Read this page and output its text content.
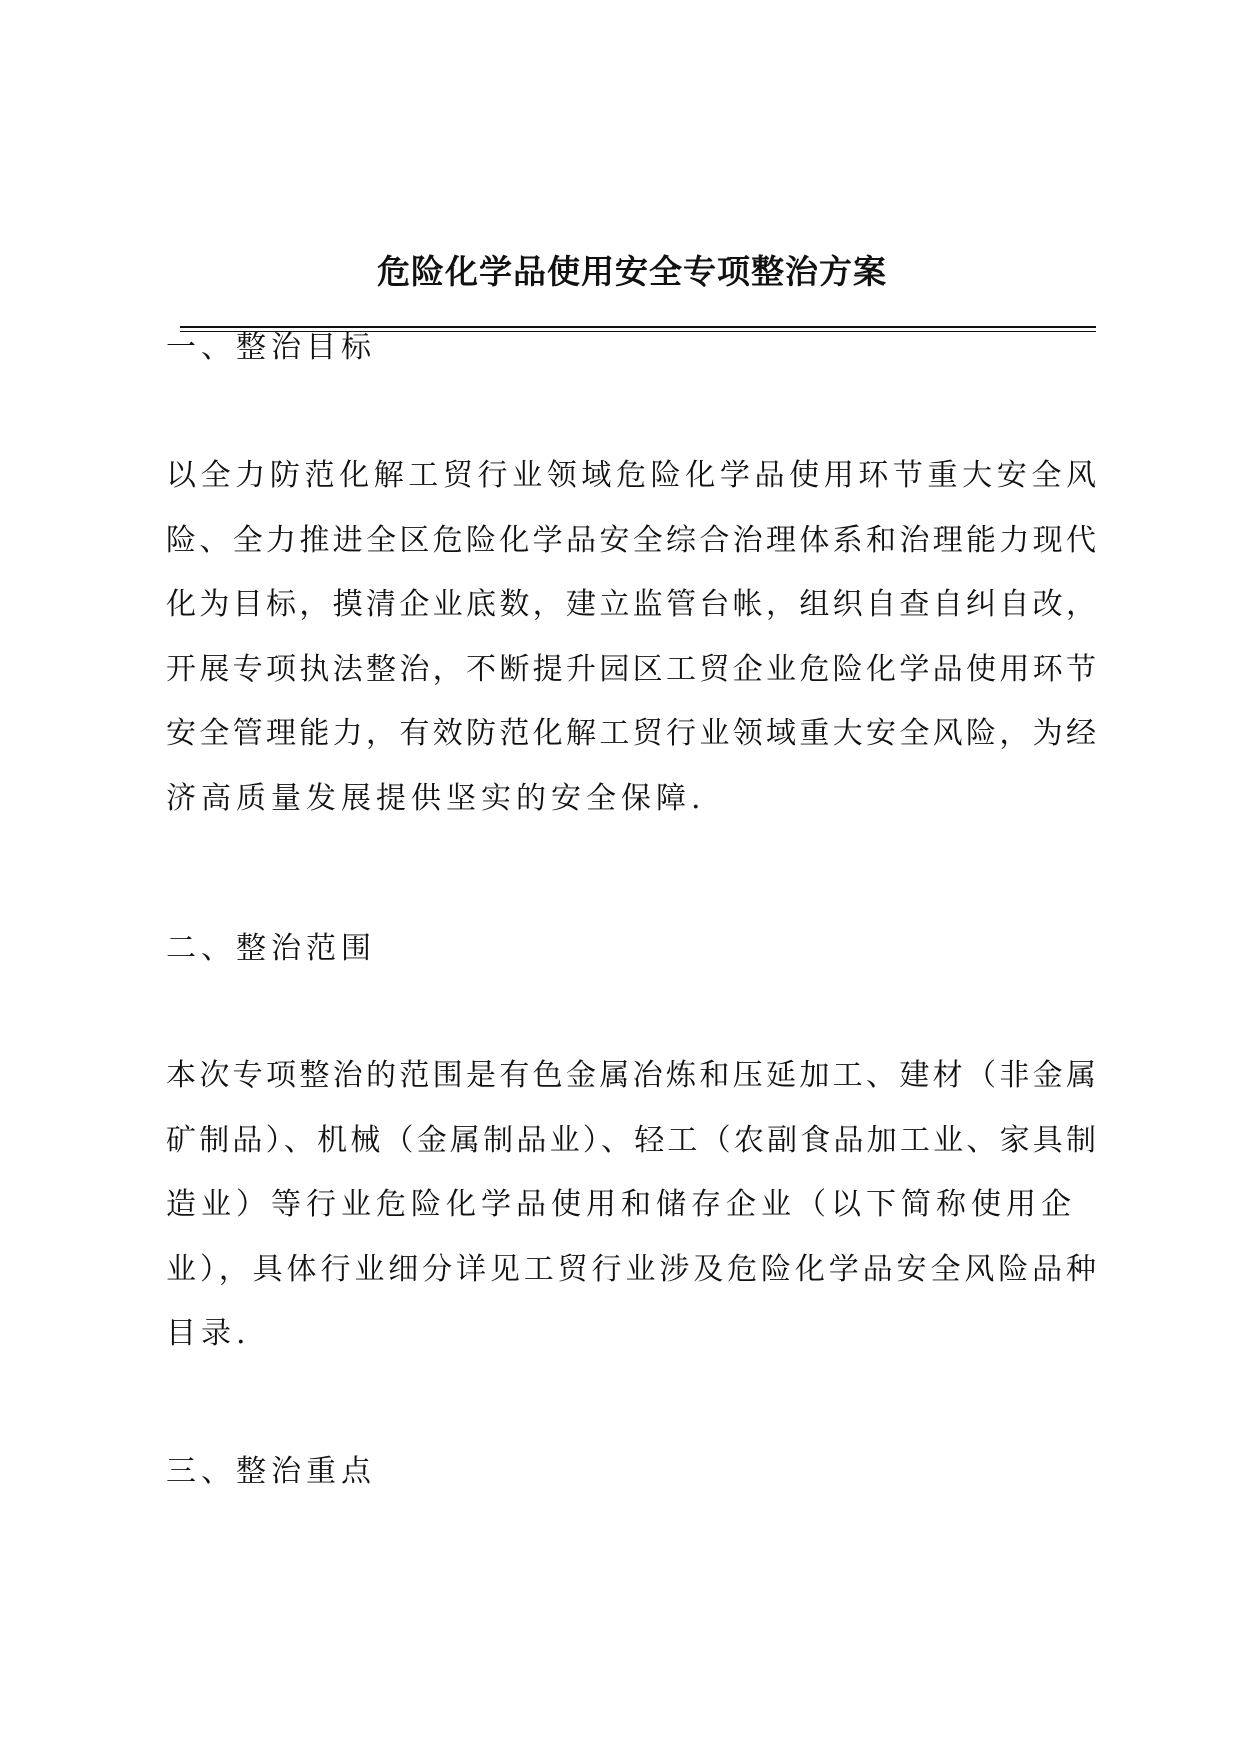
危险化学品使用安全专项整治方案
一、整治目标
以全力防范化解工贸行业领域危险化学品使用环节重大安全风
险、全力推进全区危险化学品安全综合治理体系和治理能力现代
化为目标，摸清企业底数，建立监管台帐，组织自查自纠自改，
开展专项执法整治，不断提升园区工贸企业危险化学品使用环节
安全管理能力，有效防范化解工贸行业领域重大安全风险，为经
济高质量发展提供坚实的安全保障.
二、整治范围
本次专项整治的范围是有色金属冶炼和压延加工、建材（非金属
矿制品）、机械（金属制品业）、轻工（农副食品加工业、家具制
造业）等行业危险化学品使用和储存企业（以下简称使用企
业），具体行业细分详见工贸行业涉及危险化学品安全风险品种
目录.
三、整治重点
